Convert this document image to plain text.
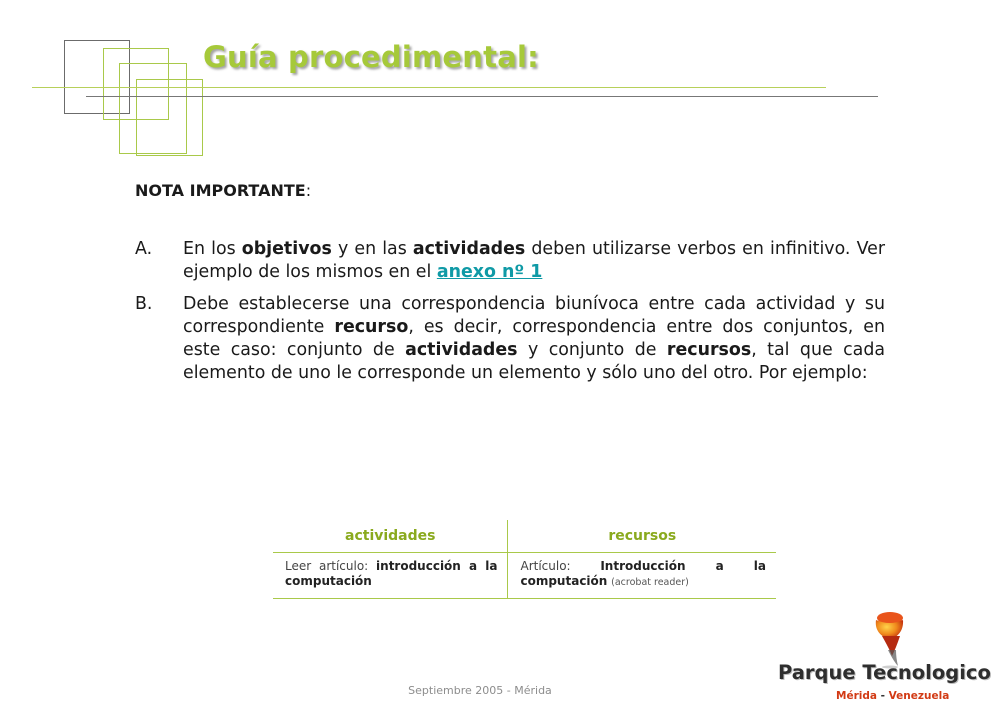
Guía procedimental:
NOTA IMPORTANTE:
A. En los objetivos y en las actividades deben utilizarse verbos en infinitivo. Ver ejemplo de los mismos en el anexo nº 1
B. Debe establecerse una correspondencia biunívoca entre cada actividad y su correspondiente recurso, es decir, correspondencia entre dos conjuntos, en este caso: conjunto de actividades y conjunto de recursos, tal que cada elemento de uno le corresponde un elemento y sólo uno del otro. Por ejemplo:
actividades	recursos
Leer artículo: introducción a la computación	Artículo: Introducción a la computación (acrobat reader)
Septiembre 2005 - Mérida
Parque Tecnologico
Mérida - Venezuela
